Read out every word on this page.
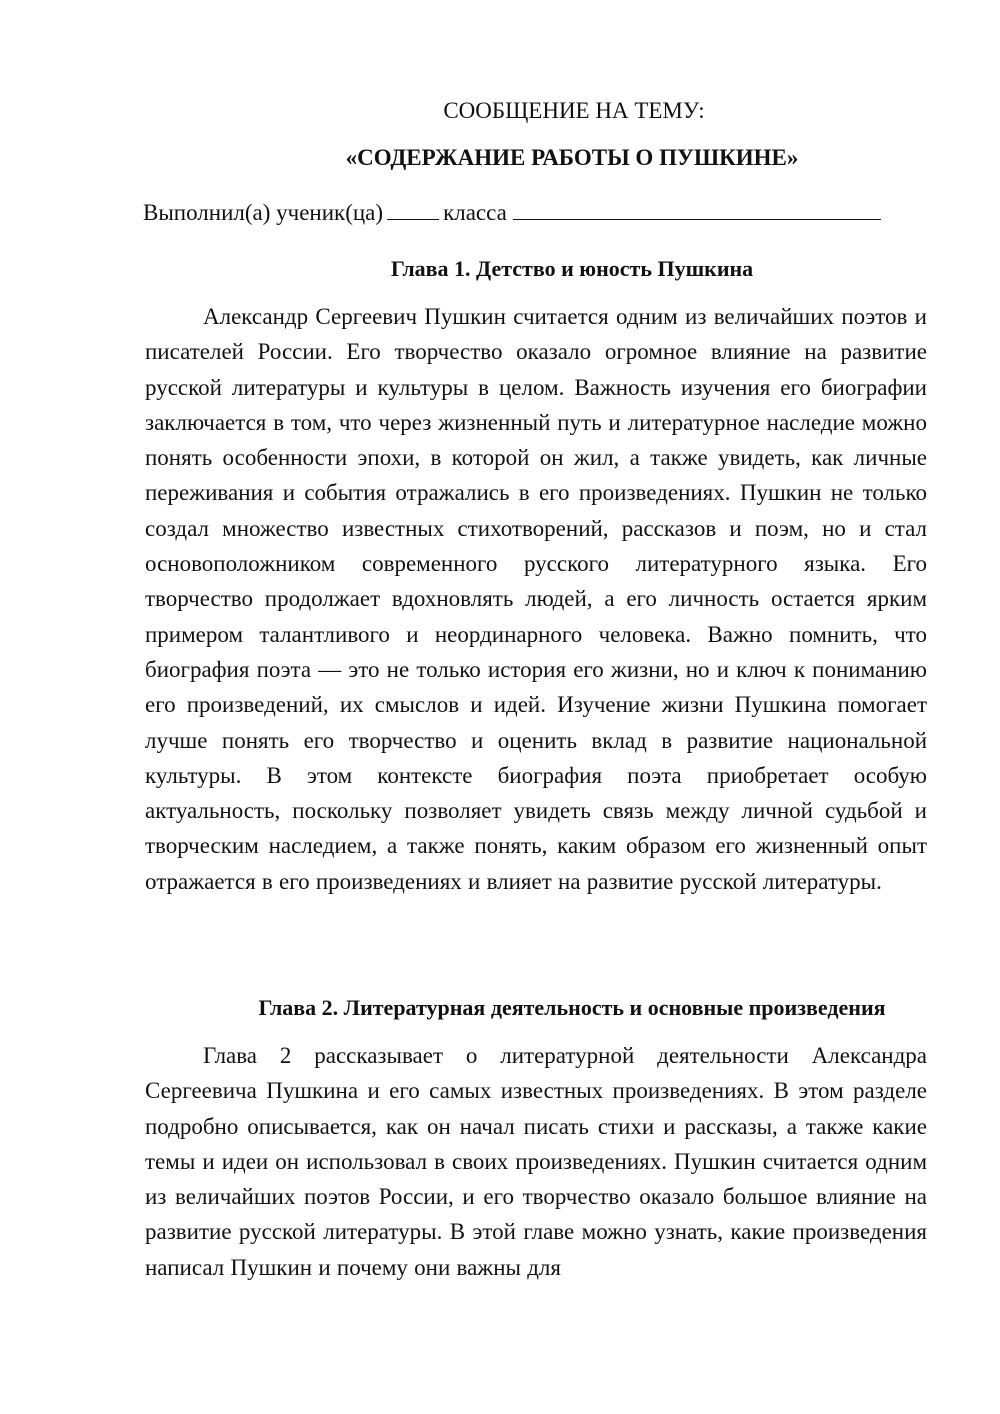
СООБЩЕНИЕ НА ТЕМУ:

«СОДЕРЖАНИЕ РАБОТЫ О ПУШКИНЕ»

Выполнил(а) ученик(ца)	класса
Глава 1. Детство и юность Пушкина

Александр Сергеевич Пушкин считается одним из величайших поэтов и писателей России. Его творчество оказало огромное влияние на развитие русской литературы и культуры в целом. Важность изучения его биографии заключается в том, что через жизненный путь и литературное наследие можно понять особенности эпохи, в которой он жил, а также увидеть, как личные переживания и события отражались в его произведениях. Пушкин не только создал множество известных стихотворений, рассказов и поэм, но и стал основоположником современного русского литературного языка. Его творчество продолжает вдохновлять людей, а его личность остается ярким примером талантливого и неординарного человека. Важно помнить, что биография поэта — это не только история его жизни, но и ключ к пониманию его произведений, их смыслов и идей. Изучение жизни Пушкина помогает лучше понять его творчество и оценить вклад в развитие национальной культуры. В этом контексте биография поэта приобретает особую актуальность, поскольку позволяет увидеть связь между личной судьбой и творческим наследием, а также понять, каким образом его жизненный опыт отражается в его произведениях и влияет на развитие русской литературы.

Глава 2. Литературная деятельность и основные произведения

Глава 2 рассказывает о литературной деятельности Александра Сергеевича Пушкина и его самых известных произведениях. В этом разделе подробно описывается, как он начал писать стихи и рассказы, а также какие темы и идеи он использовал в своих произведениях. Пушкин считается одним из величайших поэтов России, и его творчество оказало большое влияние на развитие русской литературы. В этой главе можно узнать, какие произведения написал Пушкин и почему они важны для
